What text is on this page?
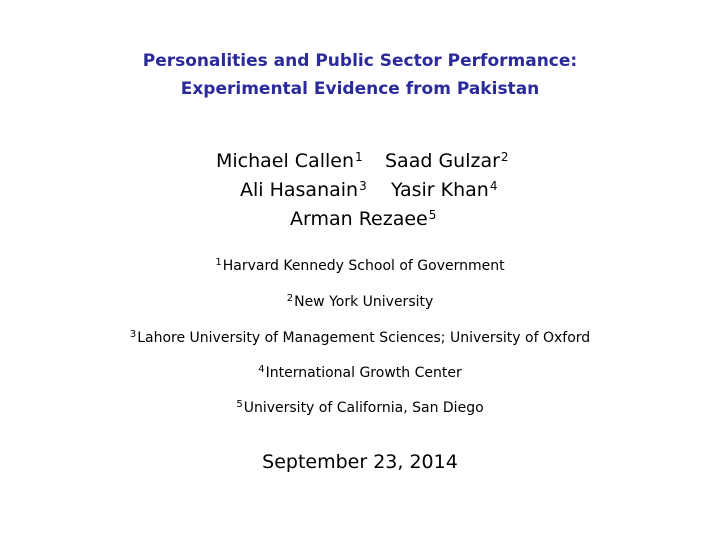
Personalities and Public Sector Performance:
Experimental Evidence from Pakistan
Michael Callen$^1$ Saad Gulzar$^2$
Ali Hasanain$^3$ Yasir Khan$^4$
Arman Rezaee$^5$
$^1$Harvard Kennedy School of Government
$^2$New York University
$^3$Lahore University of Management Sciences; University of Oxford
$^4$International Growth Center
$^5$University of California, San Diego
September 23, 2014
